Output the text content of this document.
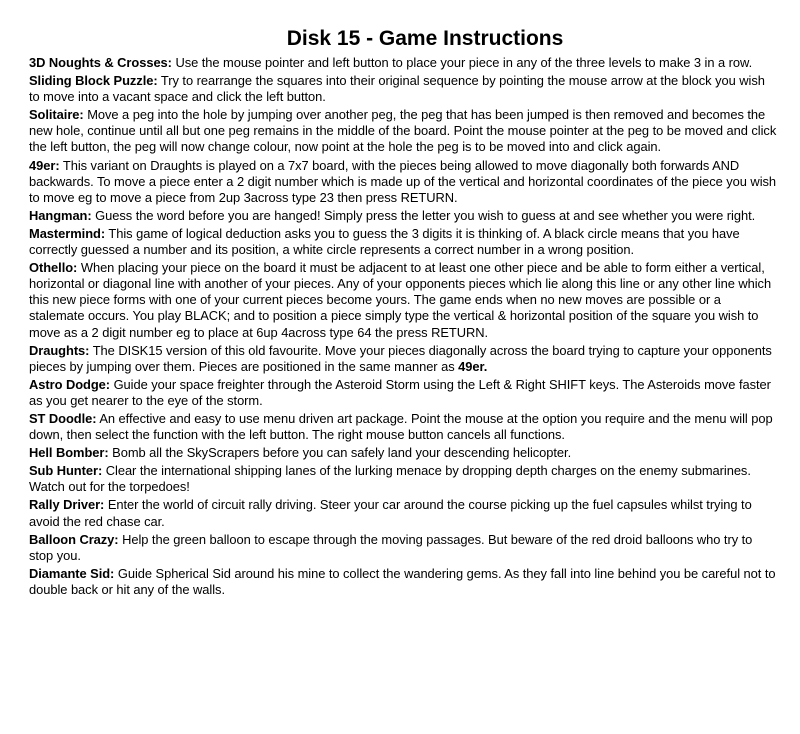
Disk 15 - Game Instructions

3D Noughts & Crosses: Use the mouse pointer and left button to place your piece in any of the three levels to make 3 in a row.

Sliding Block Puzzle: Try to rearrange the squares into their original sequence by pointing the mouse arrow at the block you wish to move into a vacant space and click the left button.

Solitaire: Move a peg into the hole by jumping over another peg, the peg that has been jumped is then removed and becomes the new hole, continue until all but one peg remains in the middle of the board. Point the mouse pointer at the peg to be moved and click the left button, the peg will now change colour, now point at the hole the peg is to be moved into and click again.

49er: This variant on Draughts is played on a 7x7 board, with the pieces being allowed to move diagonally both forwards AND backwards. To move a piece enter a 2 digit number which is made up of the vertical and horizontal coordinates of the piece you wish to move eg to move a piece from 2up 3across type 23 then press RETURN.

Hangman: Guess the word before you are hanged! Simply press the letter you wish to guess at and see whether you were right.

Mastermind: This game of logical deduction asks you to guess the 3 digits it is thinking of. A black circle means that you have correctly guessed a number and its position, a white circle represents a correct number in a wrong position.

Othello: When placing your piece on the board it must be adjacent to at least one other piece and be able to form either a vertical, horizontal or diagonal line with another of your pieces. Any of your opponents pieces which lie along this line or any other line which this new piece forms with one of your current pieces become yours. The game ends when no new moves are possible or a stalemate occurs. You play BLACK; and to position a piece simply type the vertical & horizontal position of the square you wish to move as a 2 digit number eg to place at 6up 4across type 64 the press RETURN.

Draughts: The DISK15 version of this old favourite. Move your pieces diagonally across the board trying to capture your opponents pieces by jumping over them. Pieces are positioned in the same manner as 49er.

Astro Dodge: Guide your space freighter through the Asteroid Storm using the Left & Right SHIFT keys. The Asteroids move faster as you get nearer to the eye of the storm.

ST Doodle: An effective and easy to use menu driven art package. Point the mouse at the option you require and the menu will pop down, then select the function with the left button. The right mouse button cancels all functions.

Hell Bomber: Bomb all the SkyScrapers before you can safely land your descending helicopter.

Sub Hunter: Clear the international shipping lanes of the lurking menace by dropping depth charges on the enemy submarines. Watch out for the torpedoes!

Rally Driver: Enter the world of circuit rally driving. Steer your car around the course picking up the fuel capsules whilst trying to avoid the red chase car.

Balloon Crazy: Help the green balloon to escape through the moving passages. But beware of the red droid balloons who try to stop you.

Diamante Sid: Guide Spherical Sid around his mine to collect the wandering gems. As they fall into line behind you be careful not to double back or hit any of the walls.
